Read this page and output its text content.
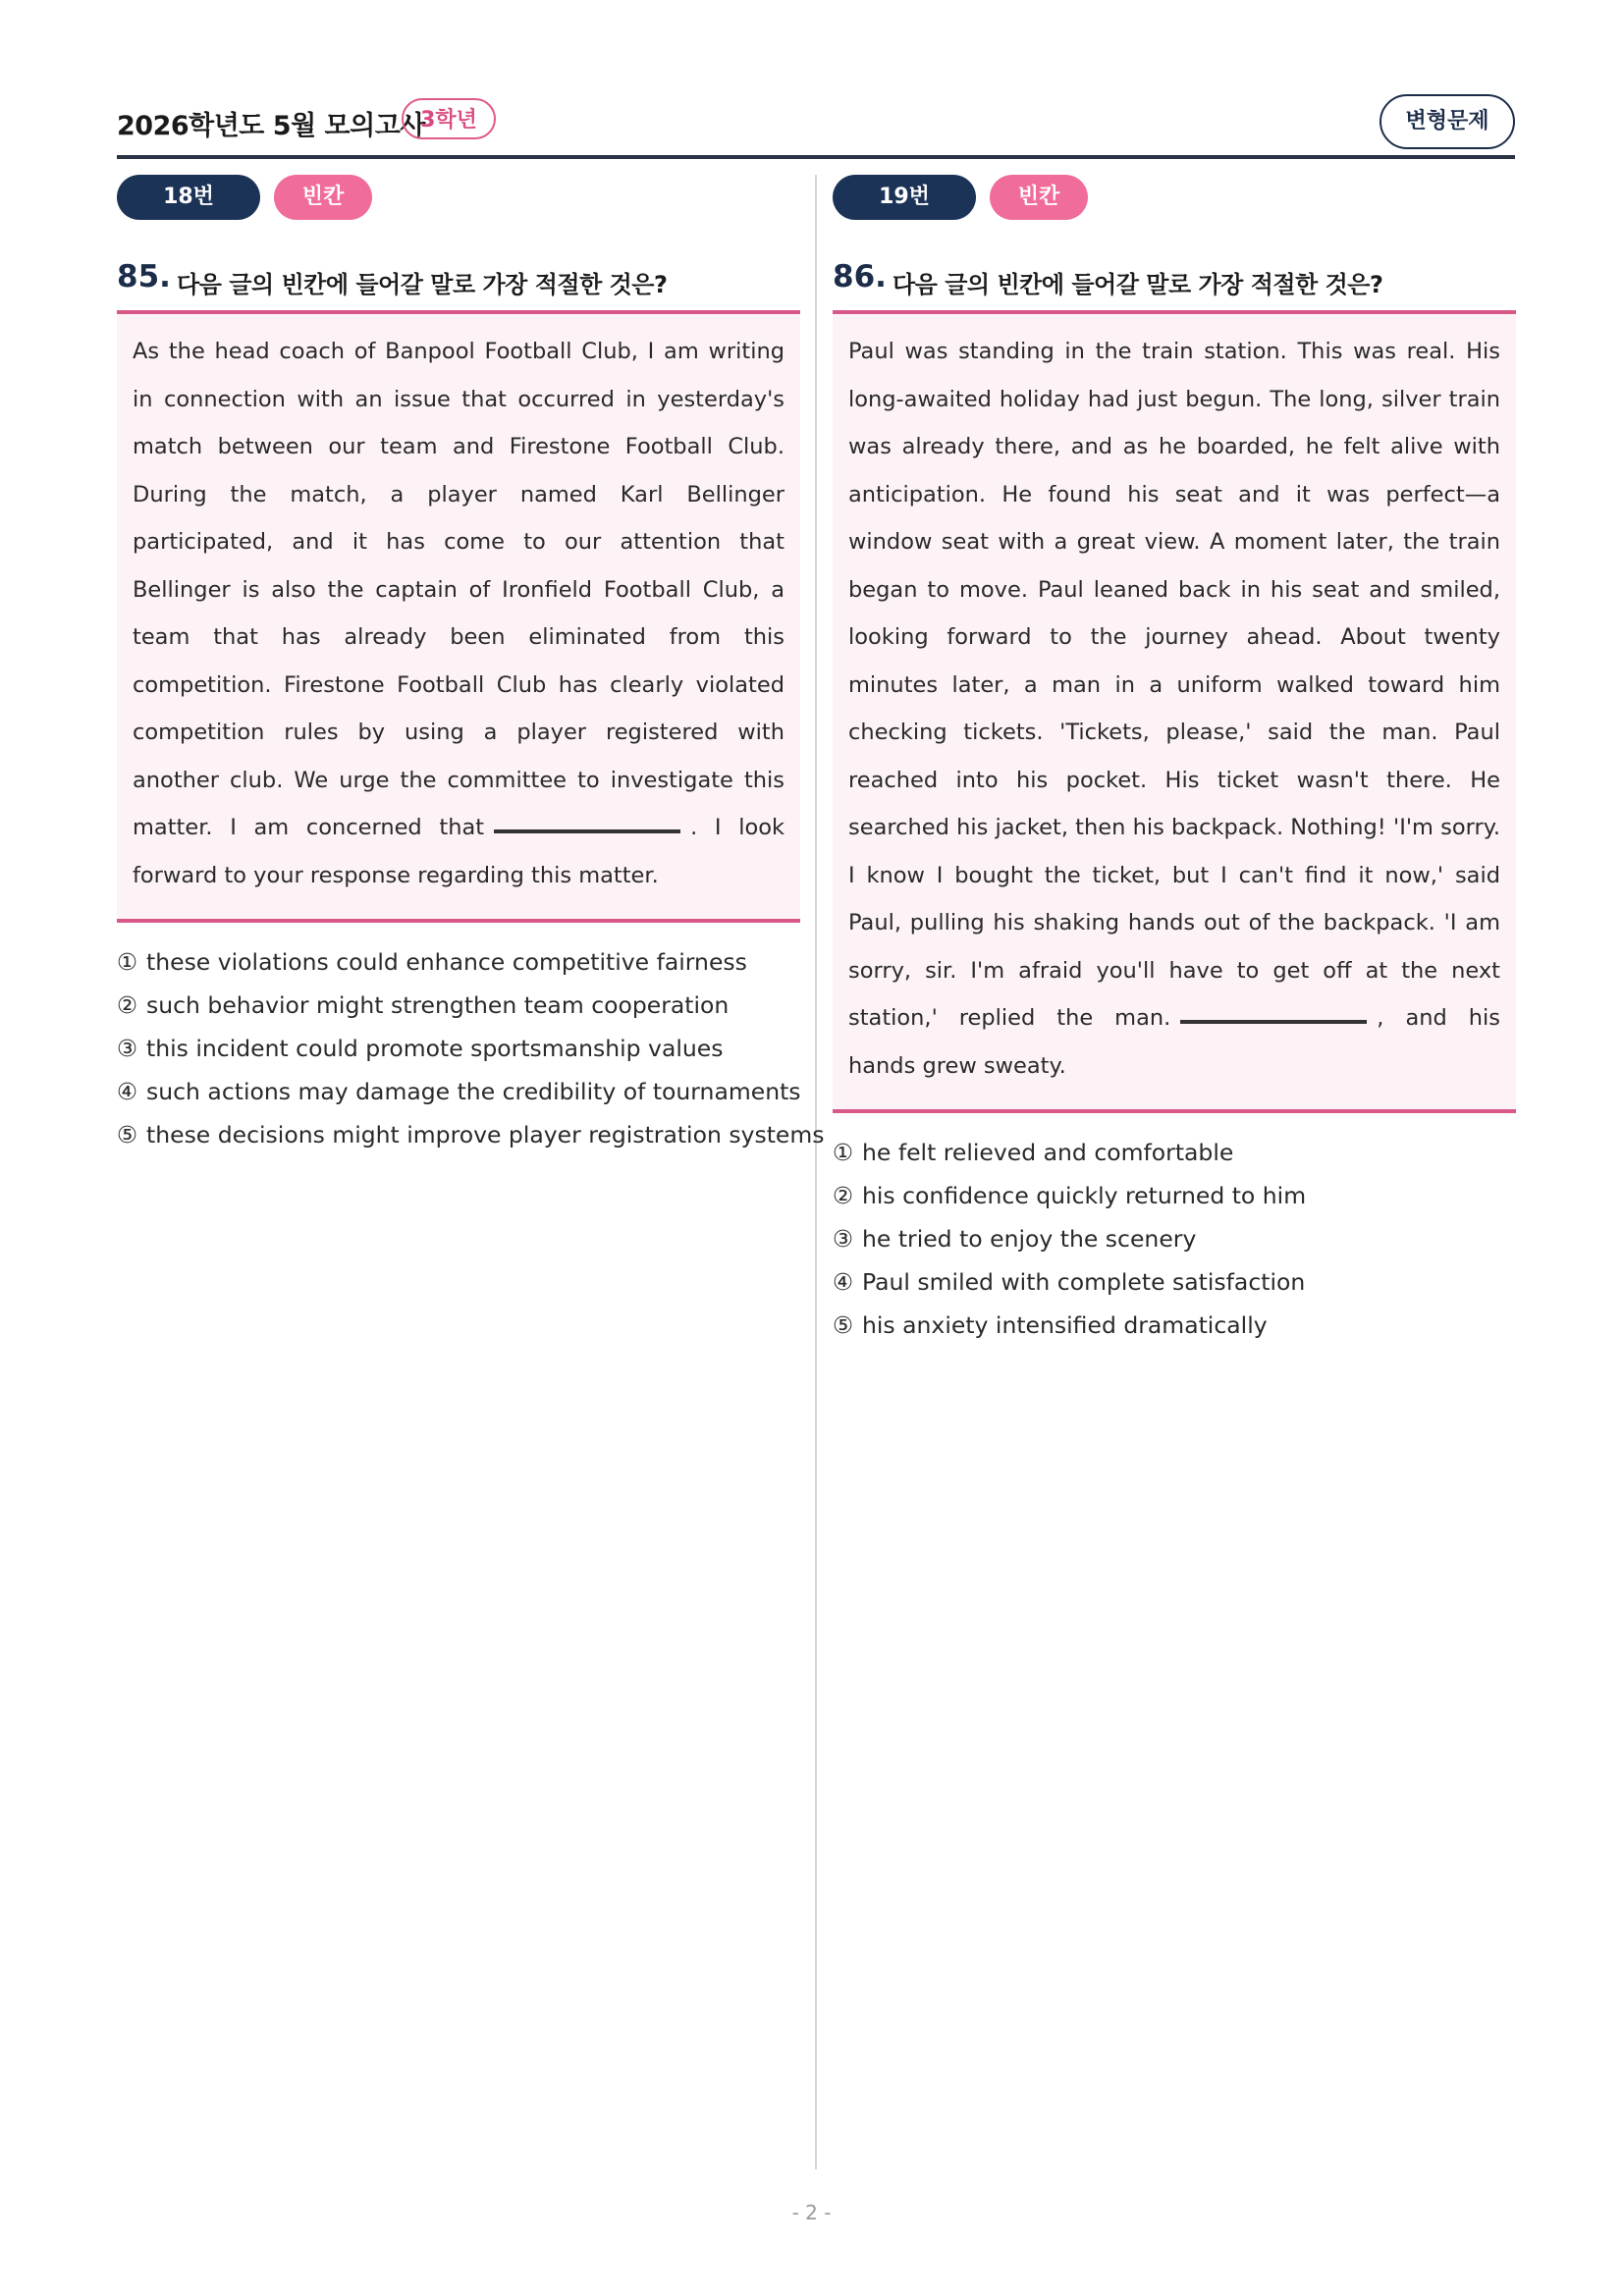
2026학년도 5월 모의고사
3학년	변형문제
18번	빈칸
85. 다음 글의 빈칸에 들어갈 말로 가장 적절한 것은?
As the head coach of Banpool Football Club, I am writing in connection with an issue that occurred in yesterday's match between our team and Firestone Football Club. During the match, a player named Karl Bellinger participated, and it has come to our attention that Bellinger is also the captain of Ironfield Football Club, a team that has already been eliminated from this competition. Firestone Football Club has clearly violated competition rules by using a player registered with another club. We urge the committee to investigate this matter. I am concerned that	. I look forward to your response regarding this matter.
① these violations could enhance competitive fairness
② such behavior might strengthen team cooperation
③ this incident could promote sportsmanship values
④ such actions may damage the credibility of tournaments
⑤ these decisions might improve player registration systems
19번	빈칸
86. 다음 글의 빈칸에 들어갈 말로 가장 적절한 것은?
Paul was standing in the train station. This was real. His long-awaited holiday had just begun. The long, silver train was already there, and as he boarded, he felt alive with anticipation. He found his seat and it was perfect—a window seat with a great view. A moment later, the train began to move. Paul leaned back in his seat and smiled, looking forward to the journey ahead. About twenty minutes later, a man in a uniform walked toward him checking tickets. 'Tickets, please,' said the man. Paul reached into his pocket. His ticket wasn't there. He searched his jacket, then his backpack. Nothing! 'I'm sorry. I know I bought the ticket, but I can't find it now,' said Paul, pulling his shaking hands out of the backpack. 'I am sorry, sir. I'm afraid you'll have to get off at the next station,' replied the man.	, and his hands grew sweaty.
① he felt relieved and comfortable
② his confidence quickly returned to him
③ he tried to enjoy the scenery
④ Paul smiled with complete satisfaction
⑤ his anxiety intensified dramatically
- 2 -
